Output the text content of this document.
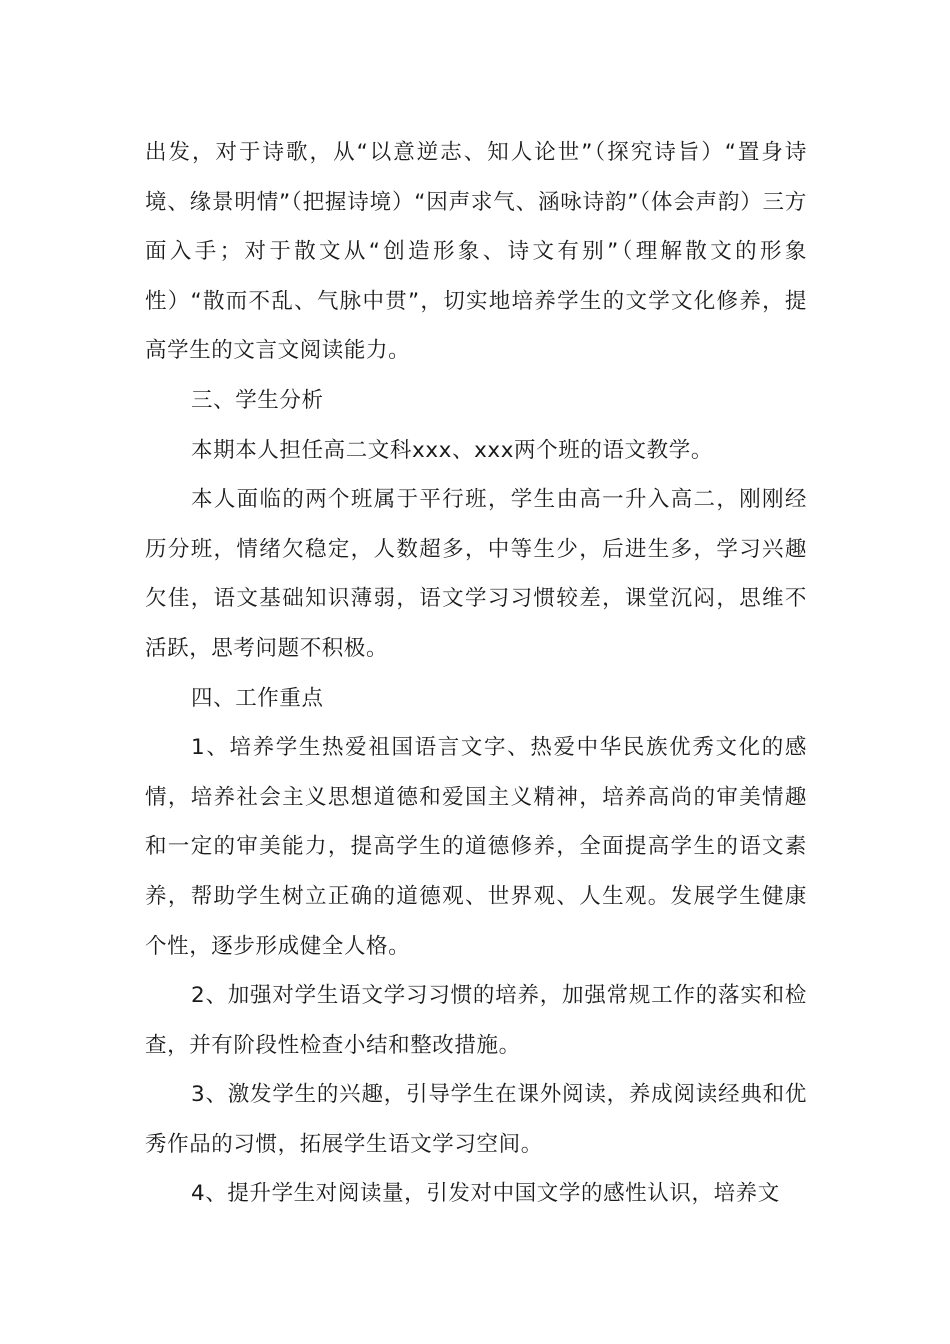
出发，对于诗歌，从“以意逆志、知人论世”（探究诗旨）“置身诗境、缘景明情”（把握诗境）“因声求气、涵咏诗韵”（体会声韵）三方面入手；对于散文从“创造形象、诗文有别”（理解散文的形象性）“散而不乱、气脉中贯”，切实地培养学生的文学文化修养，提高学生的文言文阅读能力。

三、学生分析

本期本人担任高二文科xxx、xxx两个班的语文教学。

本人面临的两个班属于平行班，学生由高一升入高二，刚刚经历分班，情绪欠稳定，人数超多，中等生少，后进生多，学习兴趣欠佳，语文基础知识薄弱，语文学习习惯较差，课堂沉闷，思维不活跃，思考问题不积极。

四、工作重点

1、培养学生热爱祖国语言文字、热爱中华民族优秀文化的感情，培养社会主义思想道德和爱国主义精神，培养高尚的审美情趣和一定的审美能力，提高学生的道德修养，全面提高学生的语文素养，帮助学生树立正确的道德观、世界观、人生观。发展学生健康个性，逐步形成健全人格。

2、加强对学生语文学习习惯的培养，加强常规工作的落实和检查，并有阶段性检查小结和整改措施。

3、激发学生的兴趣，引导学生在课外阅读，养成阅读经典和优秀作品的习惯，拓展学生语文学习空间。

4、提升学生对阅读量，引发对中国文学的感性认识，培养文
